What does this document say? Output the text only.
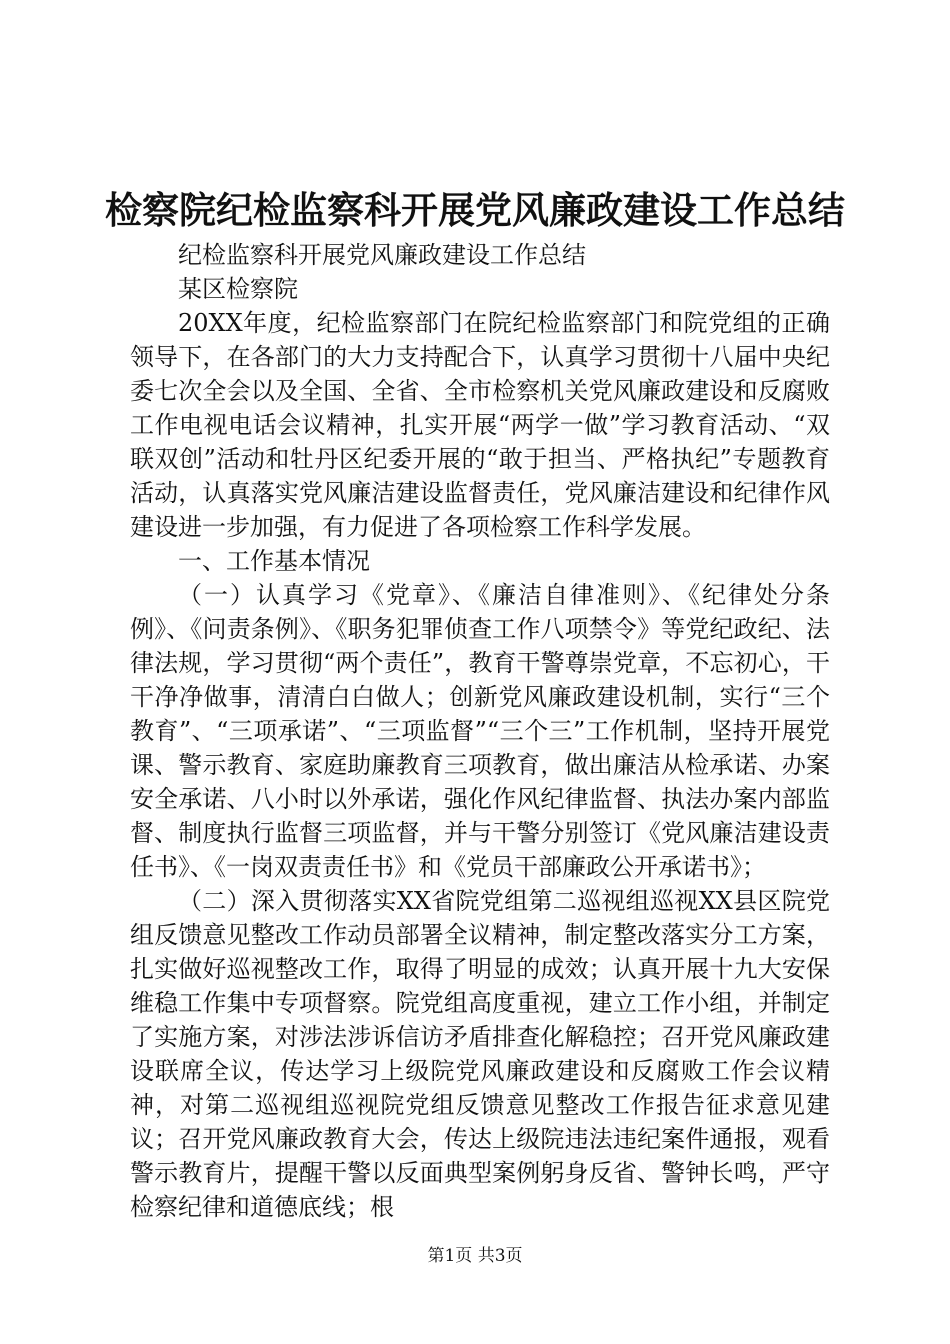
检察院纪检监察科开展党风廉政建设工作总结

纪检监察科开展党风廉政建设工作总结

某区检察院

20XX年度，纪检监察部门在院纪检监察部门和院党组的正确领导下，在各部门的大力支持配合下，认真学习贯彻十八届中央纪委七次全会以及全国、全省、全市检察机关党风廉政建设和反腐败工作电视电话会议精神，扎实开展“两学一做”学习教育活动、“双联双创”活动和牡丹区纪委开展的“敢于担当、严格执纪”专题教育活动，认真落实党风廉洁建设监督责任，党风廉洁建设和纪律作风建设进一步加强，有力促进了各项检察工作科学发展。

一、工作基本情况

（一）认真学习《党章》、《廉洁自律准则》、《纪律处分条例》、《问责条例》、《职务犯罪侦查工作八项禁令》等党纪政纪、法律法规，学习贯彻“两个责任”，教育干警尊崇党章，不忘初心，干干净净做事，清清白白做人；创新党风廉政建设机制，实行“三个教育”、“三项承诺”、“三项监督”“三个三”工作机制，坚持开展党课、警示教育、家庭助廉教育三项教育，做出廉洁从检承诺、办案安全承诺、八小时以外承诺，强化作风纪律监督、执法办案内部监督、制度执行监督三项监督，并与干警分别签订《党风廉洁建设责任书》、《一岗双责责任书》和《党员干部廉政公开承诺书》；

（二）深入贯彻落实XX省院党组第二巡视组巡视XX县区院党组反馈意见整改工作动员部署全议精神，制定整改落实分工方案，扎实做好巡视整改工作，取得了明显的成效；认真开展十九大安保维稳工作集中专项督察。院党组高度重视，建立工作小组，并制定了实施方案，对涉法涉诉信访矛盾排查化解稳控；召开党风廉政建设联席全议，传达学习上级院党风廉政建设和反腐败工作会议精神，对第二巡视组巡视院党组反馈意见整改工作报告征求意见建议；召开党风廉政教育大会，传达上级院违法违纪案件通报，观看警示教育片，提醒干警以反面典型案例躬身反省、警钟长鸣，严守检察纪律和道德底线；根

第1页 共3页
